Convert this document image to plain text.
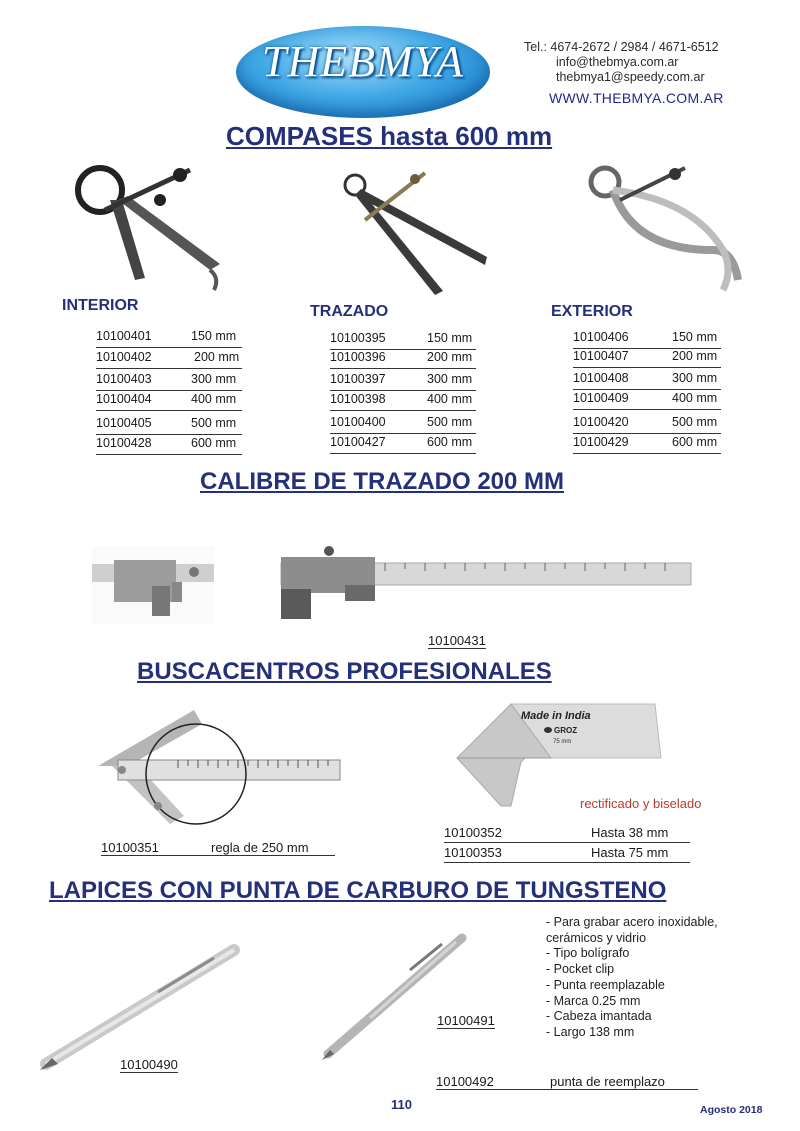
THEBMYA	Tel.: 4674-2672 / 2984 / 4671-6512
info@thebmya.com.ar
thebmya1@speedy.com.ar
WWW.THEBMYA.COM.AR
COMPASES hasta 600 mm
INTERIOR	TRAZADO	EXTERIOR
10100401	150 mm
10100402	200 mm
10100403	300 mm
10100404	400 mm
10100405	500 mm
10100428	600 mm
10100395	150 mm
10100396	200 mm
10100397	300 mm
10100398	400 mm
10100400	500 mm
10100427	600 mm
10100406	150 mm
10100407	200 mm
10100408	300 mm
10100409	400 mm
10100420	500 mm
10100429	600 mm
CALIBRE DE TRAZADO 200 MM
10100431
BUSCACENTROS PROFESIONALES
10100351	regla de 250 mm
Made in India
GROZ
75 mm
rectificado y biselado
10100352	Hasta 38 mm
10100353	Hasta 75 mm
LAPICES CON PUNTA DE CARBURO DE TUNGSTENO
10100490
10100491
- Para grabar acero inoxidable,
cerámicos y vidrio
- Tipo bolígrafo
- Pocket clip
- Punta reemplazable
- Marca 0.25 mm
- Cabeza imantada
- Largo 138 mm
10100492	punta de reemplazo
110	Agosto 2018
